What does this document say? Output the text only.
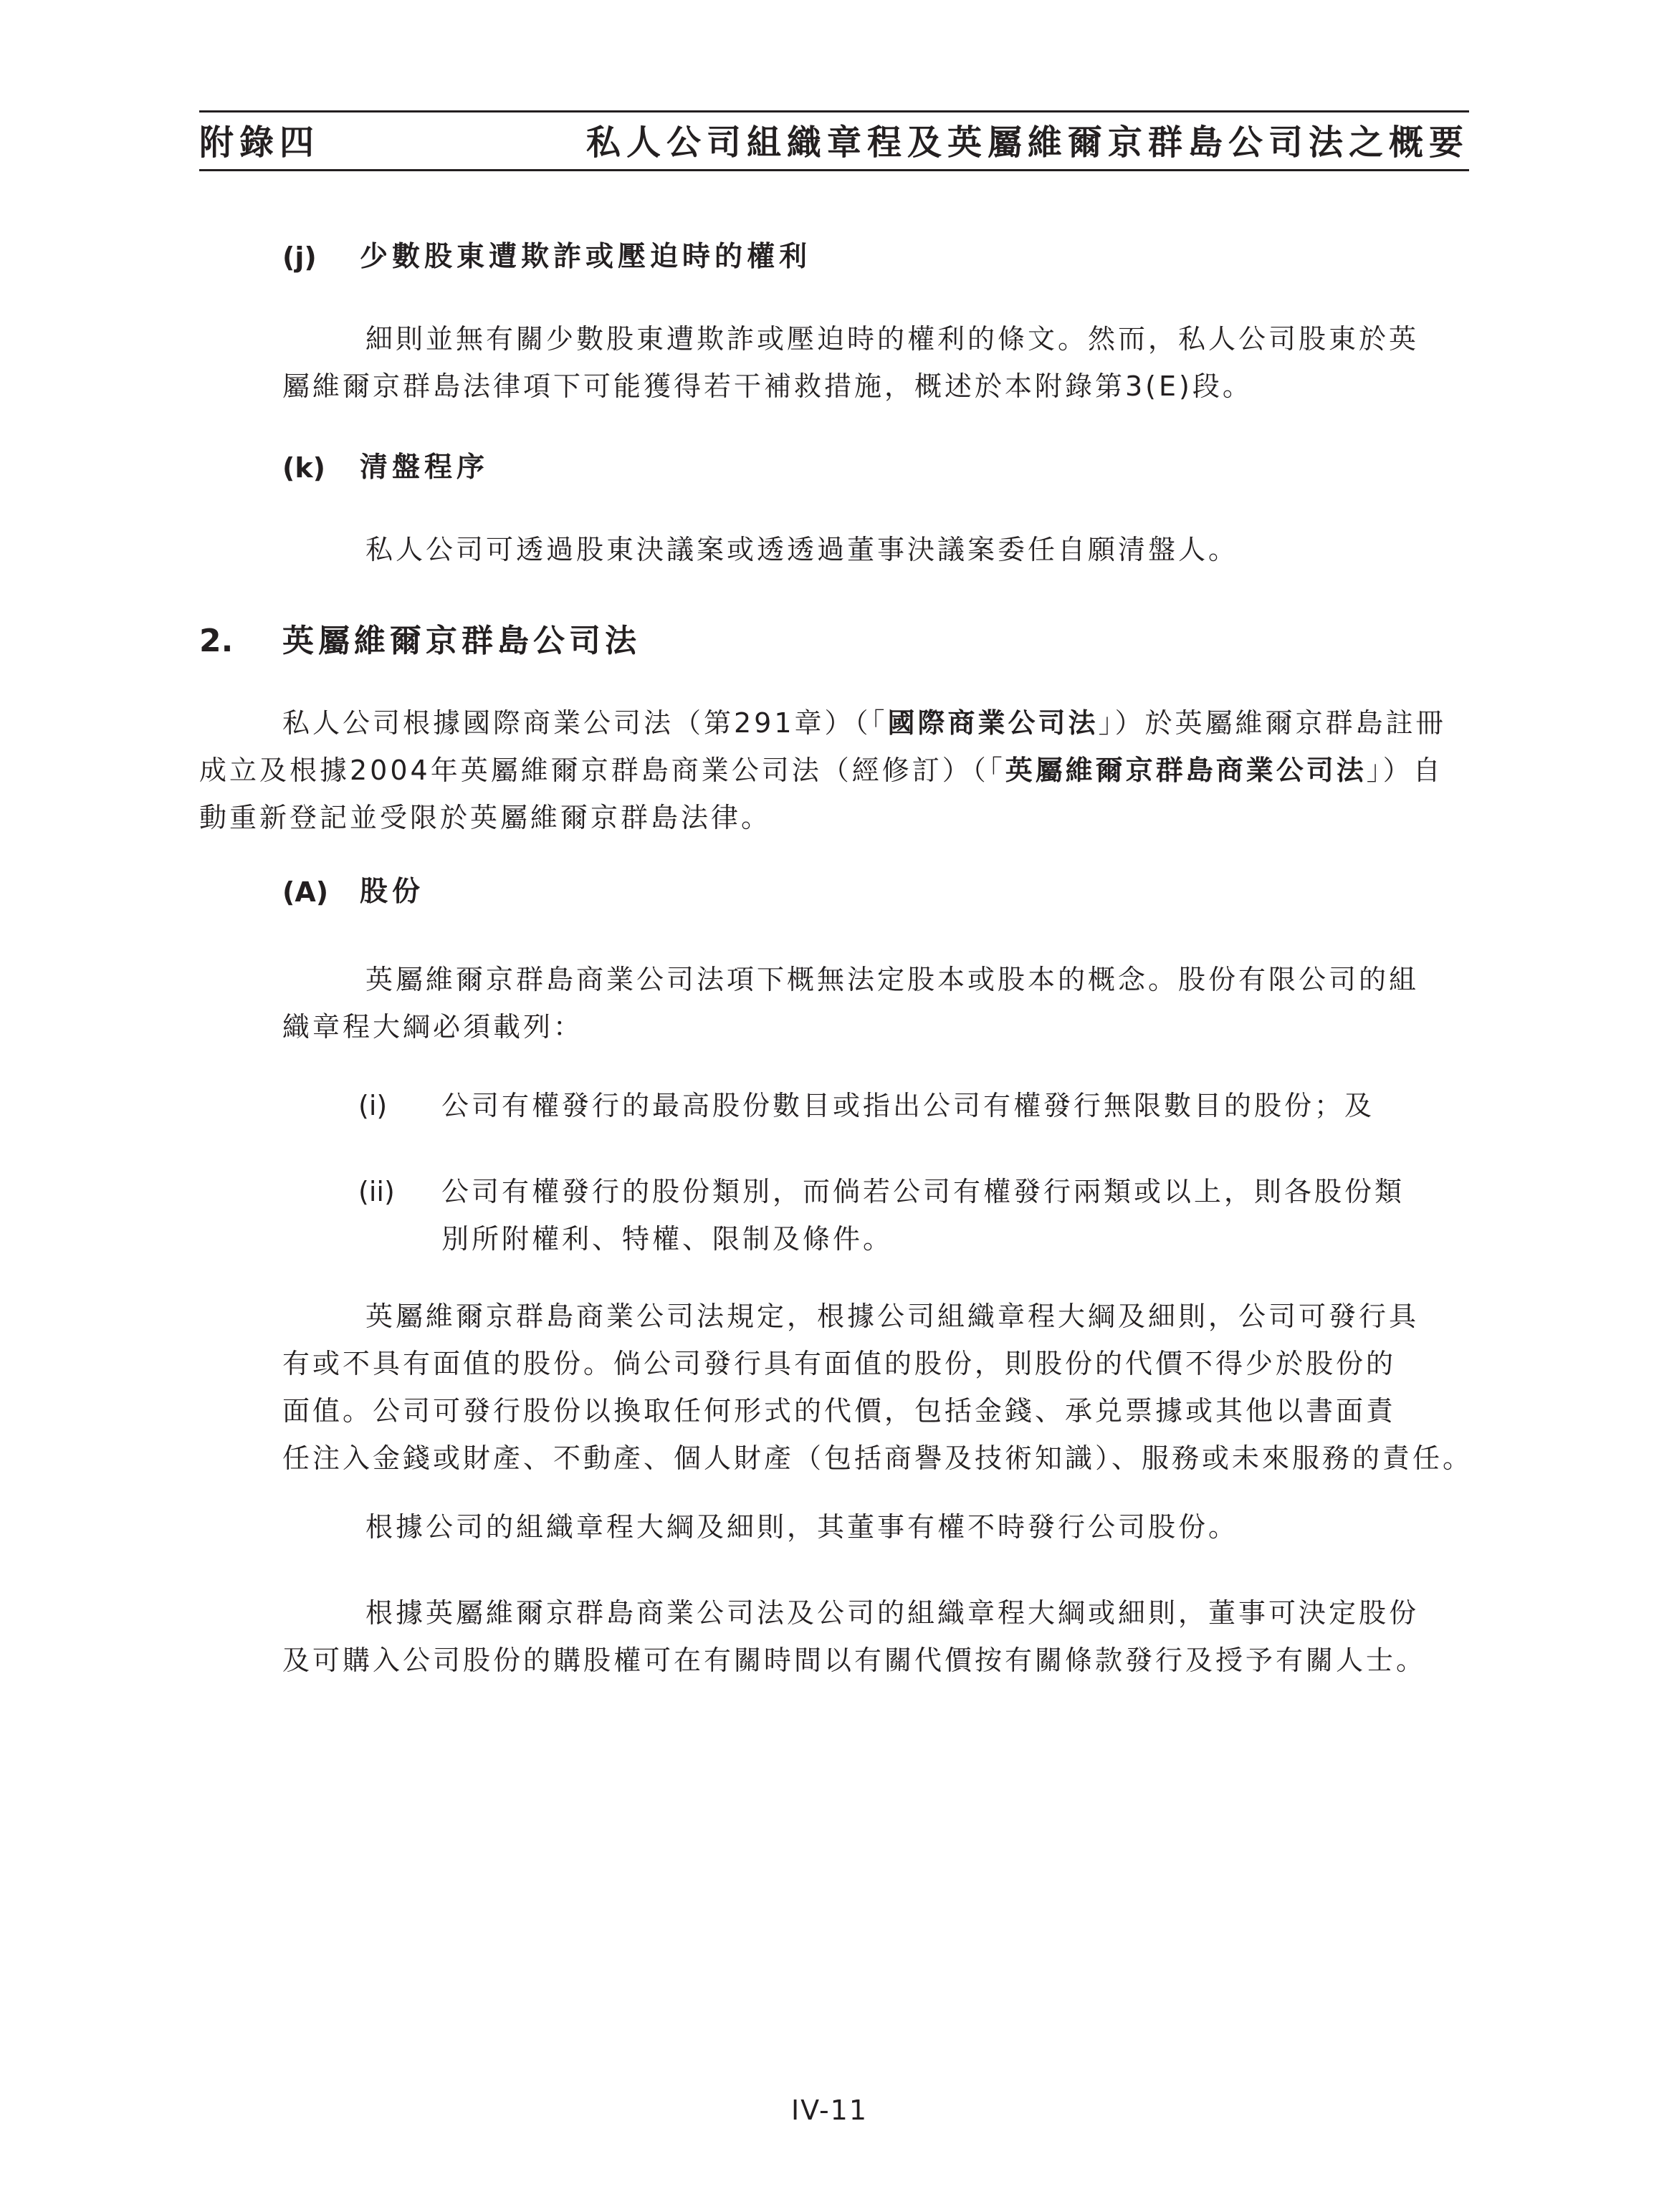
附錄四	私人公司組織章程及英屬維爾京群島公司法之概要
(j) 少數股東遭欺詐或壓迫時的權利
細則並無有關少數股東遭欺詐或壓迫時的權利的條文。然而，私人公司股東於英
屬維爾京群島法律項下可能獲得若干補救措施，概述於本附錄第3(E)段。
(k) 清盤程序
私人公司可透過股東決議案或透透過董事決議案委任自願清盤人。
2. 英屬維爾京群島公司法
私人公司根據國際商業公司法（第291章）（「國際商業公司法」）於英屬維爾京群島註冊
成立及根據2004年英屬維爾京群島商業公司法（經修訂）（「英屬維爾京群島商業公司法」）自
動重新登記並受限於英屬維爾京群島法律。
(A) 股份
英屬維爾京群島商業公司法項下概無法定股本或股本的概念。股份有限公司的組
織章程大綱必須載列：
(i) 公司有權發行的最高股份數目或指出公司有權發行無限數目的股份；及
(ii) 公司有權發行的股份類別，而倘若公司有權發行兩類或以上，則各股份類
別所附權利、特權、限制及條件。
英屬維爾京群島商業公司法規定，根據公司組織章程大綱及細則，公司可發行具
有或不具有面值的股份。倘公司發行具有面值的股份，則股份的代價不得少於股份的
面值。公司可發行股份以換取任何形式的代價，包括金錢、承兑票據或其他以書面責
任注入金錢或財產、不動產、個人財產（包括商譽及技術知識）、服務或未來服務的責任。
根據公司的組織章程大綱及細則，其董事有權不時發行公司股份。
根據英屬維爾京群島商業公司法及公司的組織章程大綱或細則，董事可決定股份
及可購入公司股份的購股權可在有關時間以有關代價按有關條款發行及授予有關人士。
IV-11
